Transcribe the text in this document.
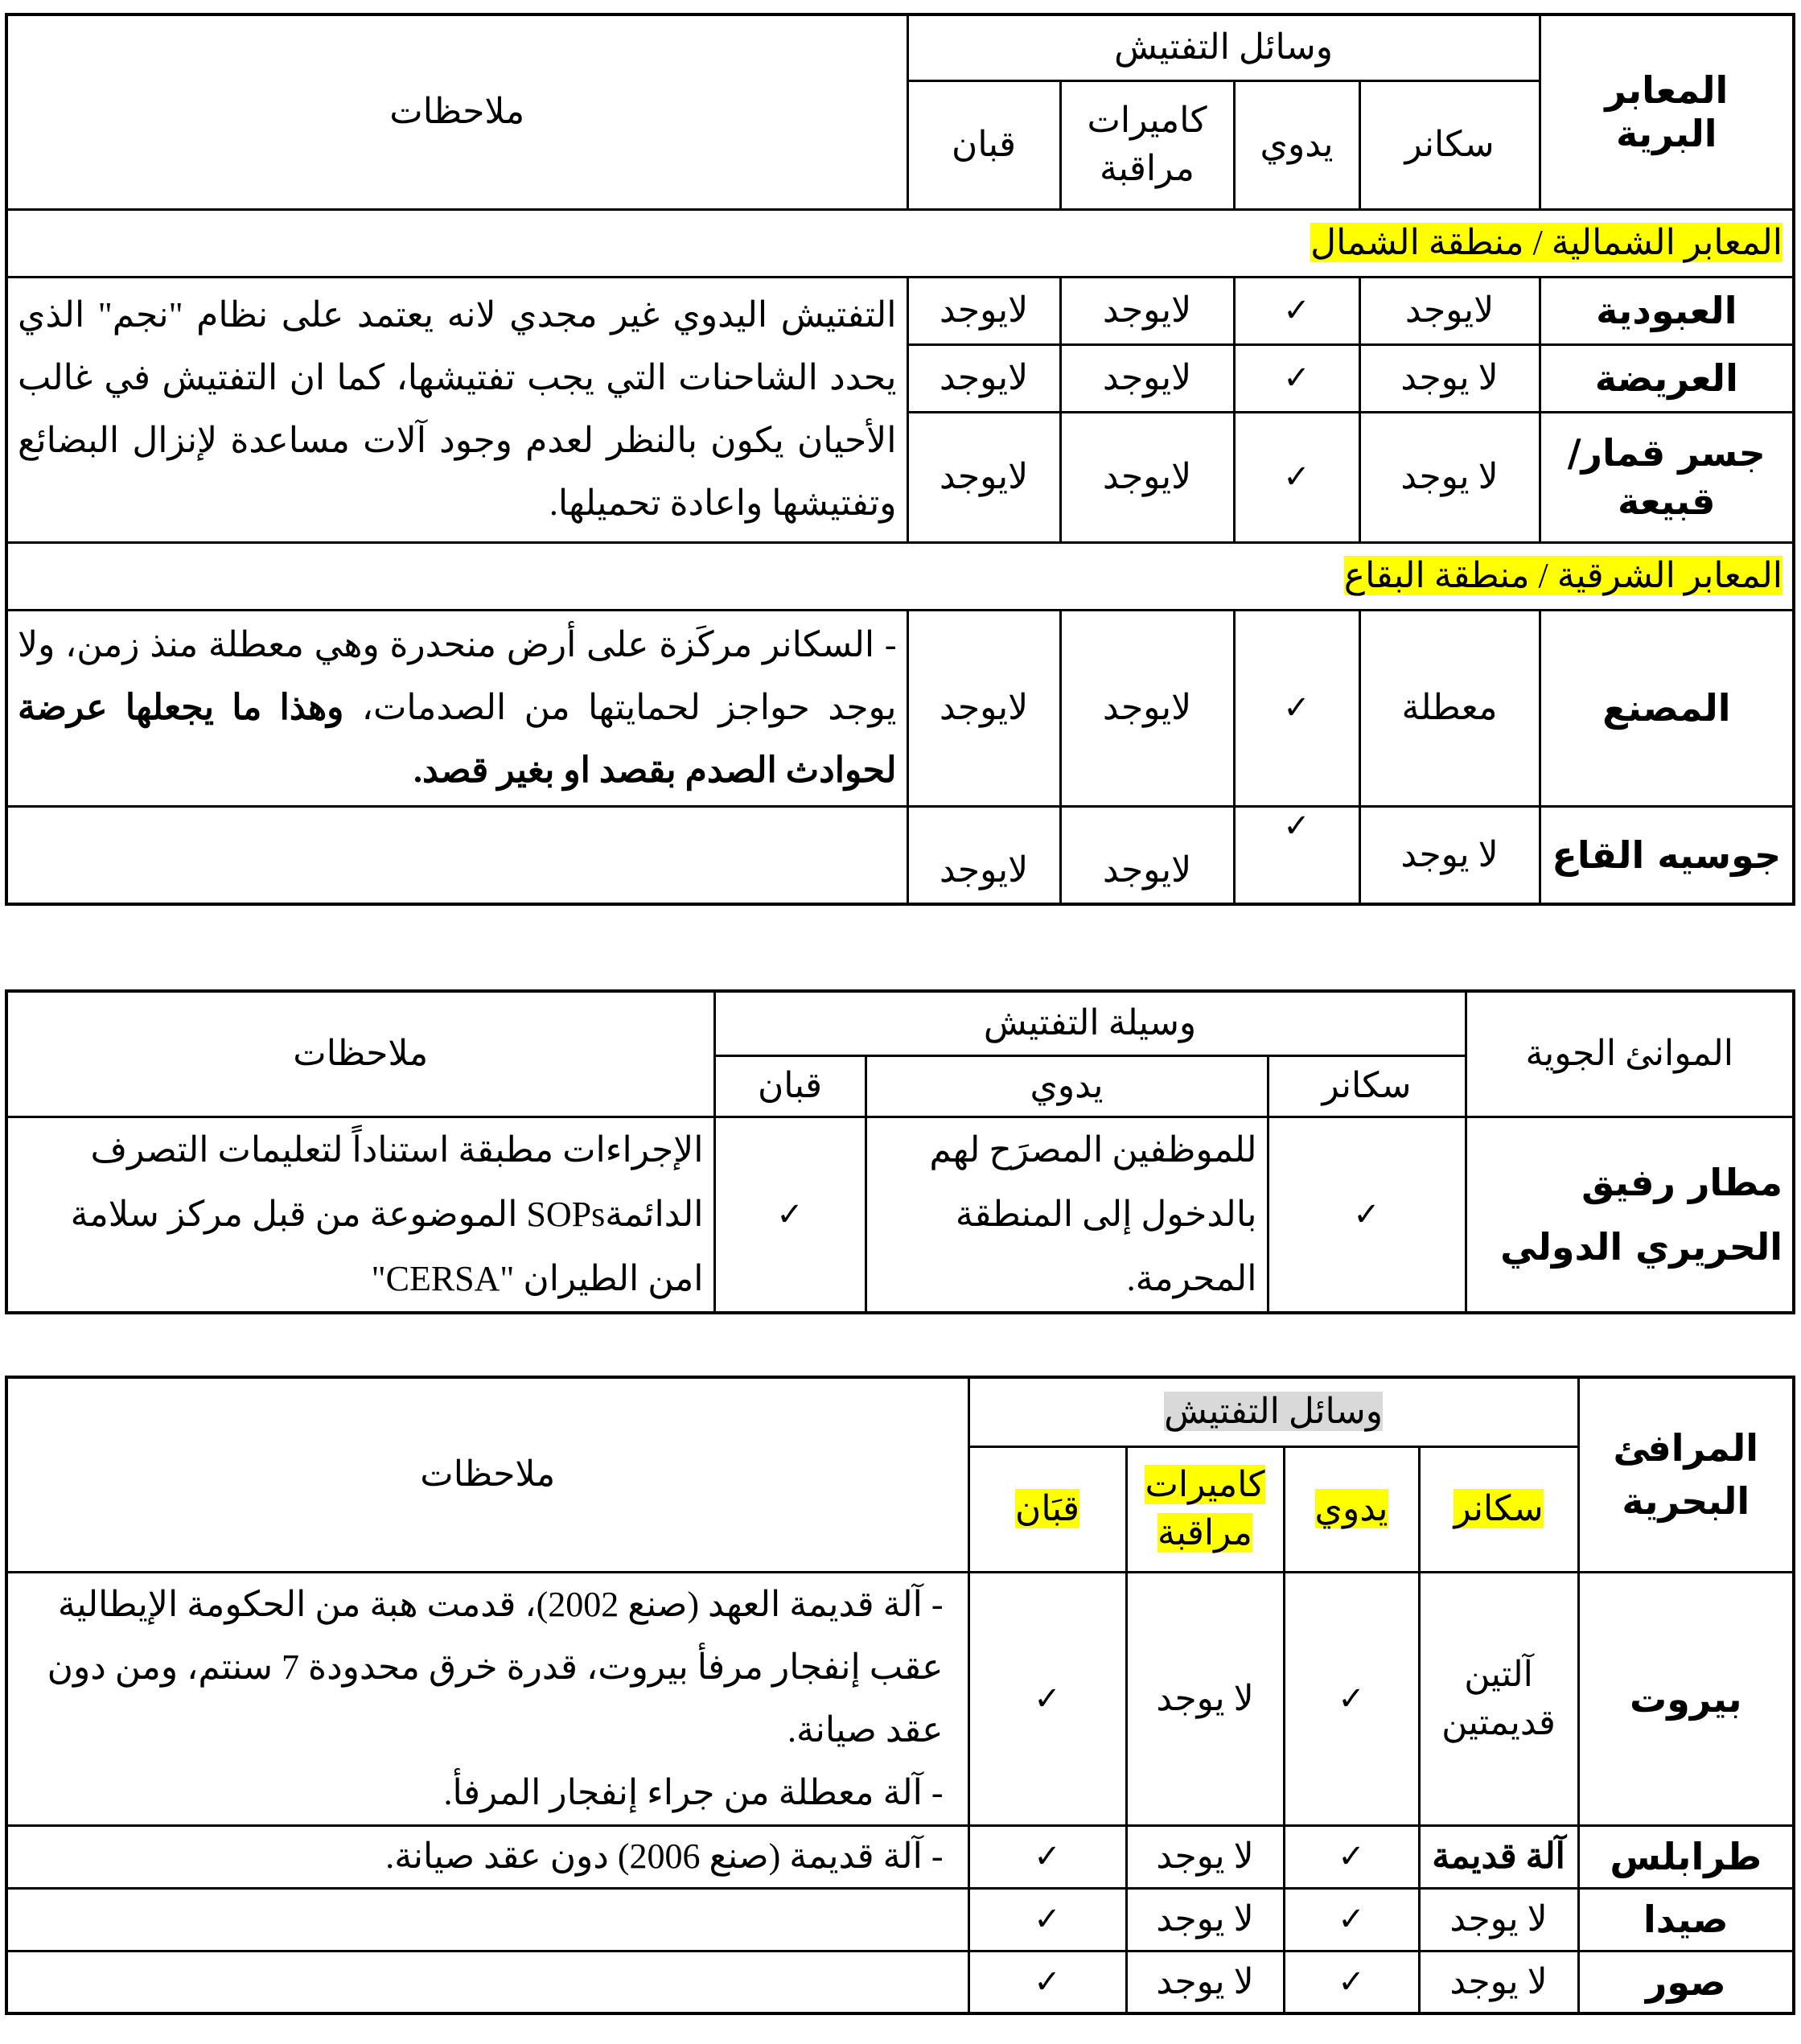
المعابر البرية	وسائل التفتيش				ملاحظات
	سكانر	يدوي	كاميرات مراقبة	قبان	
المعابر الشمالية / منطقة الشمال					
العبودية	لايوجد	✓	لايوجد	لايوجد	التفتيش اليدوي غير مجدي لانه يعتمد على نظام "نجم" الذي يحدد الشاحنات التي يجب تفتيشها، كما ان التفتيش في غالب الأحيان يكون بالنظر لعدم وجود آلات مساعدة لإنزال البضائع وتفتيشها واعادة تحميلها.
العريضة	لا يوجد	✓	لايوجد	لايوجد	
جسر قمار/ قبيعة	لا يوجد	✓	لايوجد	لايوجد	
المعابر الشرقية / منطقة البقاع					
المصنع	معطلة	✓	لايوجد	لايوجد	- السكانر مركَزة على أرض منحدرة وهي معطلة منذ زمن، ولا يوجد حواجز لحمايتها من الصدمات، وهذا ما يجعلها عرضة لحوادث الصدم بقصد او بغير قصد.
جوسيه القاع	لا يوجد	✓	لايوجد	لايوجد	
الموانئ الجوية	وسيلة التفتيش			ملاحظات
	سكانر	يدوي	قبان	
مطار رفيق الحريري الدولي	✓	للموظفين المصرَح لهم بالدخول إلى المنطقة المحرمة.	✓	الإجراءات مطبقة استناداً لتعليمات التصرف الدائمةSOPs الموضوعة من قبل مركز سلامة امن الطيران "CERSA"
المرافئ البحرية	وسائل التفتيش				ملاحظات
	سكانر	يدوي	كاميرات مراقبة	قبَان	
بيروت	آلتين قديمتين	✓	لا يوجد	✓	- آلة قديمة العهد (صنع 2002)، قدمت هبة من الحكومة الإيطالية عقب إنفجار مرفأ بيروت، قدرة خرق محدودة 7 سنتم، ومن دون عقد صيانة.
- آلة معطلة من جراء إنفجار المرفأ.

طرابلس	آلة قديمة	✓	لا يوجد	✓	- آلة قديمة (صنع 2006) دون عقد صيانة.
صيدا	لا يوجد	✓	لا يوجد	✓	
صور	لا يوجد	✓	لا يوجد	✓	
